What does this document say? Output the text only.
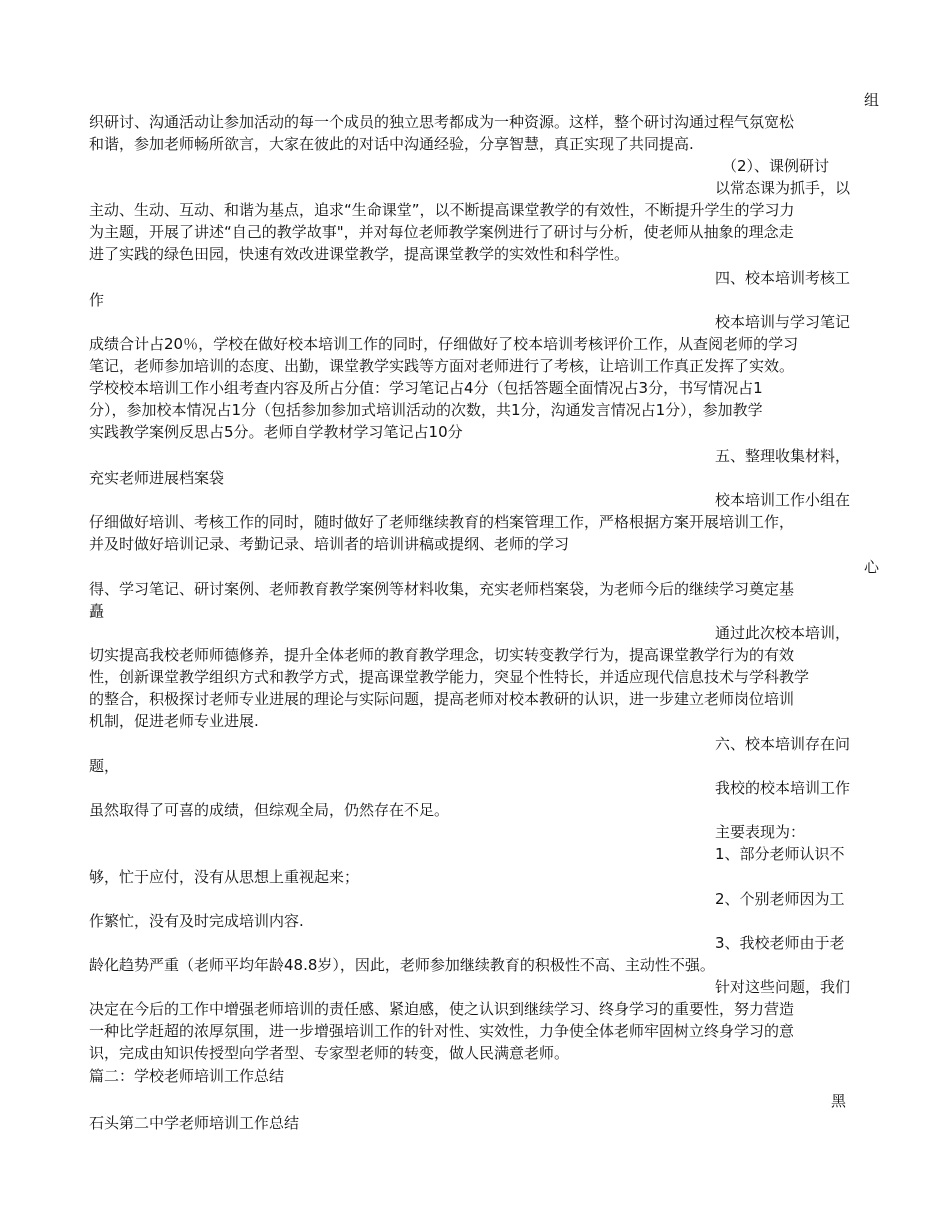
组
织研讨、沟通活动让参加活动的每一个成员的独立思考都成为一种资源。这样，整个研讨沟通过程气氛宽松
和谐，参加老师畅所欲言，大家在彼此的对话中沟通经验，分享智慧，真正实现了共同提高.
（2）、课例研讨
以常态课为抓手，以
主动、生动、互动、和谐为基点，追求“生命课堂”，以不断提高课堂教学的有效性，不断提升学生的学习力
为主题，开展了讲述“自己的教学故事"，并对每位老师教学案例进行了研讨与分析，使老师从抽象的理念走
进了实践的绿色田园，快速有效改进课堂教学，提高课堂教学的实效性和科学性。
四、校本培训考核工
作
校本培训与学习笔记
成绩合计占20％，学校在做好校本培训工作的同时，仔细做好了校本培训考核评价工作，从查阅老师的学习
笔记，老师参加培训的态度、出勤，课堂教学实践等方面对老师进行了考核，让培训工作真正发挥了实效。
学校校本培训工作小组考查内容及所占分值：学习笔记占4分（包括答题全面情况占3分，书写情况占1
分），参加校本情况占1分（包括参加参加式培训活动的次数，共1分，沟通发言情况占1分），参加教学
实践教学案例反思占5分。老师自学教材学习笔记占10分
五、整理收集材料，
充实老师进展档案袋
校本培训工作小组在
仔细做好培训、考核工作的同时，随时做好了老师继续教育的档案管理工作，严格根据方案开展培训工作，
并及时做好培训记录、考勤记录、培训者的培训讲稿或提纲、老师的学习
心
得、学习笔记、研讨案例、老师教育教学案例等材料收集，充实老师档案袋，为老师今后的继续学习奠定基
矗
通过此次校本培训，
切实提高我校老师师德修养，提升全体老师的教育教学理念，切实转变教学行为，提高课堂教学行为的有效
性，创新课堂教学组织方式和教学方式，提高课堂教学能力，突显个性特长，并适应现代信息技术与学科教学
的整合，积极探讨老师专业进展的理论与实际问题，提高老师对校本教研的认识，进一步建立老师岗位培训
机制，促进老师专业进展.
六、校本培训存在问
题，
我校的校本培训工作
虽然取得了可喜的成绩，但综观全局，仍然存在不足。
主要表现为：
1、部分老师认识不
够，忙于应付，没有从思想上重视起来；
2、个别老师因为工
作繁忙，没有及时完成培训内容.
3、我校老师由于老
龄化趋势严重（老师平均年龄48.8岁），因此，老师参加继续教育的积极性不高、主动性不强。
针对这些问题，我们
决定在今后的工作中增强老师培训的责任感、紧迫感，使之认识到继续学习、终身学习的重要性，努力营造
一种比学赶超的浓厚氛围，进一步增强培训工作的针对性、实效性，力争使全体老师牢固树立终身学习的意
识，完成由知识传授型向学者型、专家型老师的转变，做人民满意老师。
篇二：学校老师培训工作总结
黑
石头第二中学老师培训工作总结
